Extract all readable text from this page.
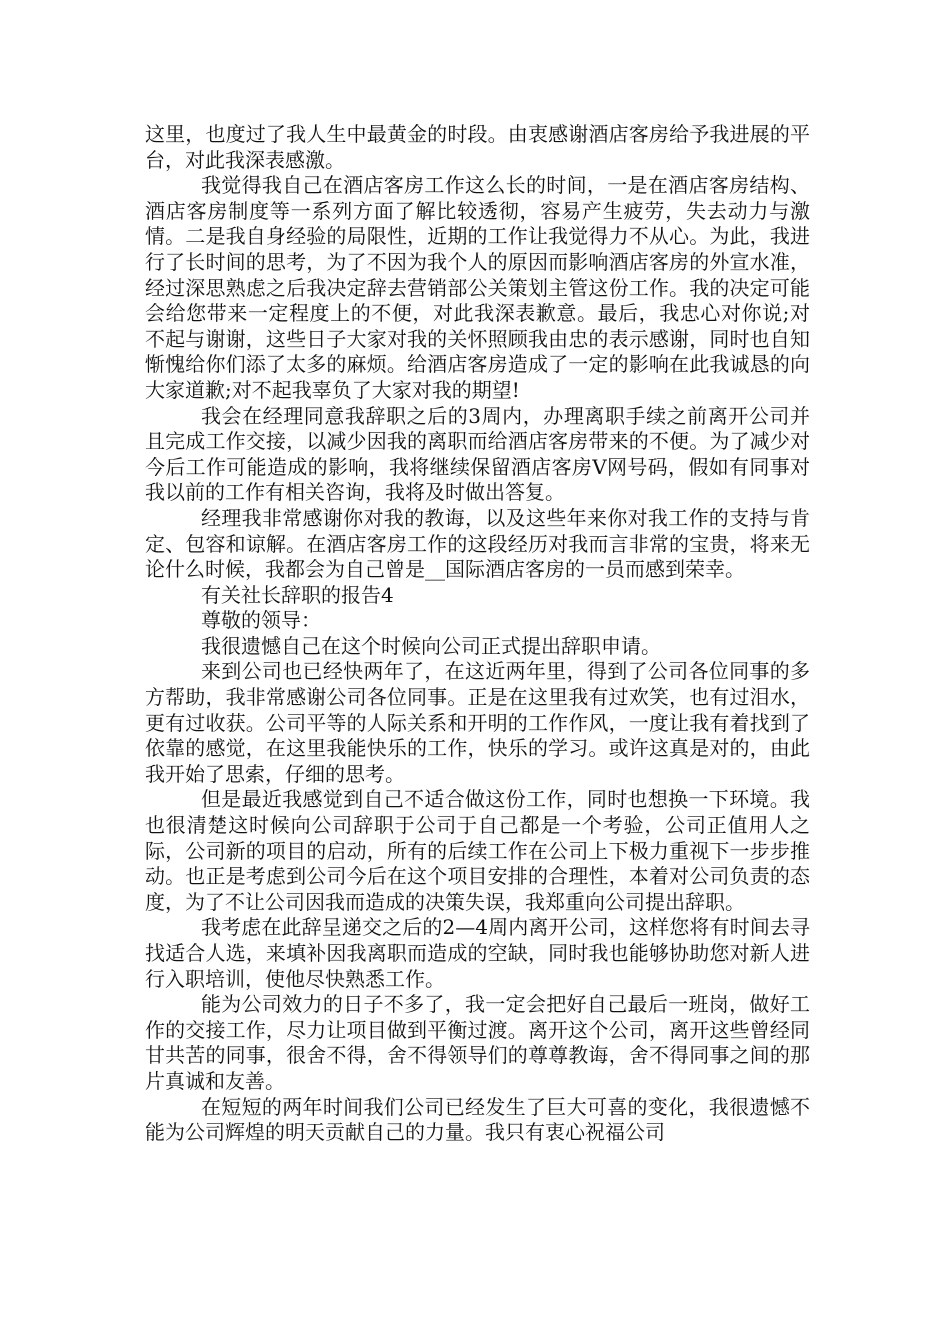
这里，也度过了我人生中最黄金的时段。由衷感谢酒店客房给予我进展的平台，对此我深表感激。

我觉得我自己在酒店客房工作这么长的时间，一是在酒店客房结构、酒店客房制度等一系列方面了解比较透彻，容易产生疲劳，失去动力与激情。二是我自身经验的局限性，近期的工作让我觉得力不从心。为此，我进行了长时间的思考，为了不因为我个人的原因而影响酒店客房的外宣水准，经过深思熟虑之后我决定辞去营销部公关策划主管这份工作。我的决定可能会给您带来一定程度上的不便，对此我深表歉意。最后，我忠心对你说;对不起与谢谢，这些日子大家对我的关怀照顾我由忠的表示感谢，同时也自知惭愧给你们添了太多的麻烦。给酒店客房造成了一定的影响在此我诚恳的向大家道歉;对不起我辜负了大家对我的期望!

我会在经理同意我辞职之后的3周内，办理离职手续之前离开公司并且完成工作交接，以减少因我的离职而给酒店客房带来的不便。为了减少对今后工作可能造成的影响，我将继续保留酒店客房V网号码，假如有同事对我以前的工作有相关咨询，我将及时做出答复。

经理我非常感谢你对我的教诲，以及这些年来你对我工作的支持与肯定、包容和谅解。在酒店客房工作的这段经历对我而言非常的宝贵，将来无论什么时候，我都会为自己曾是__国际酒店客房的一员而感到荣幸。

有关社长辞职的报告4

尊敬的领导：

我很遗憾自己在这个时候向公司正式提出辞职申请。

来到公司也已经快两年了，在这近两年里，得到了公司各位同事的多方帮助，我非常感谢公司各位同事。正是在这里我有过欢笑，也有过泪水，更有过收获。公司平等的人际关系和开明的工作作风，一度让我有着找到了依靠的感觉，在这里我能快乐的工作，快乐的学习。或许这真是对的，由此我开始了思索，仔细的思考。

但是最近我感觉到自己不适合做这份工作，同时也想换一下环境。我也很清楚这时候向公司辞职于公司于自己都是一个考验，公司正值用人之际，公司新的项目的启动，所有的后续工作在公司上下极力重视下一步步推动。也正是考虑到公司今后在这个项目安排的合理性，本着对公司负责的态度，为了不让公司因我而造成的决策失误，我郑重向公司提出辞职。

我考虑在此辞呈递交之后的2—4周内离开公司，这样您将有时间去寻找适合人选，来填补因我离职而造成的空缺，同时我也能够协助您对新人进行入职培训，使他尽快熟悉工作。

能为公司效力的日子不多了，我一定会把好自己最后一班岗，做好工作的交接工作，尽力让项目做到平衡过渡。离开这个公司，离开这些曾经同甘共苦的同事，很舍不得，舍不得领导们的尊尊教诲，舍不得同事之间的那片真诚和友善。

在短短的两年时间我们公司已经发生了巨大可喜的变化，我很遗憾不能为公司辉煌的明天贡献自己的力量。我只有衷心祝福公司
